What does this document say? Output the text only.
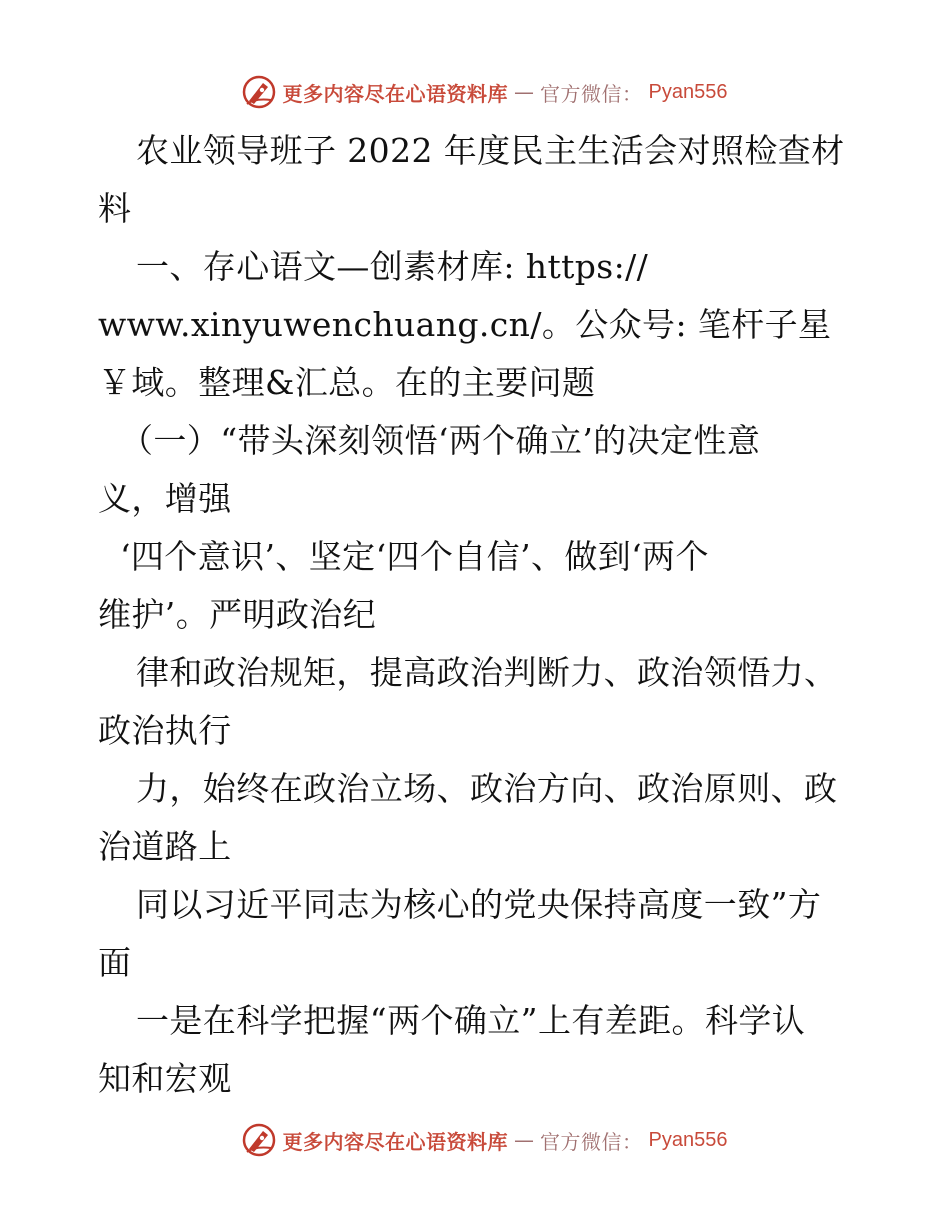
更多内容尽在心语资料库 — 官方微信： Pyan556
农业领导班子 2022 年度民主生活会对照检查材
料
一、存心语文—创素材库: https://
www.xinyuwenchuang.cn/。公众号: 笔杆子星
￥域。整理&汇总。在的主要问题
（一）“带头深刻领悟‘两个确立’的决定性意
义，增强
‘四个意识’、坚定‘四个自信’、做到‘两个
维护’。严明政治纪
律和政治规矩，提高政治判断力、政治领悟力、
政治执行
力，始终在政治立场、政治方向、政治原则、政
治道路上
同以习近平同志为核心的党央保持高度一致”方
面
一是在科学把握“两个确立”上有差距。科学认
知和宏观
更多内容尽在心语资料库 — 官方微信： Pyan556
